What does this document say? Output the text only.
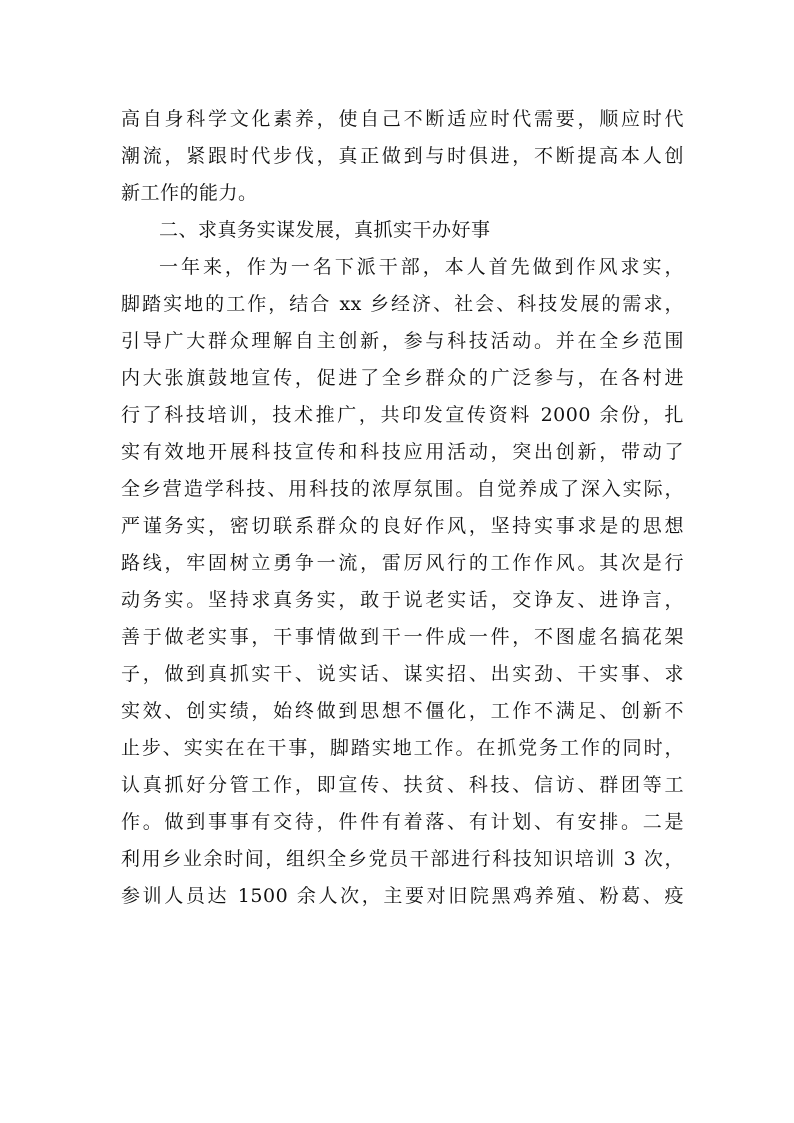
高自身科学文化素养，使自己不断适应时代需要，顺应时代
潮流，紧跟时代步伐，真正做到与时俱进，不断提高本人创
新工作的能力。
二、求真务实谋发展，真抓实干办好事
一年来，作为一名下派干部，本人首先做到作风求实，
脚踏实地的工作，结合 xx 乡经济、社会、科技发展的需求，
引导广大群众理解自主创新，参与科技活动。并在全乡范围
内大张旗鼓地宣传，促进了全乡群众的广泛参与，在各村进
行了科技培训，技术推广，共印发宣传资料 2000 余份，扎
实有效地开展科技宣传和科技应用活动，突出创新，带动了
全乡营造学科技、用科技的浓厚氛围。自觉养成了深入实际，
严谨务实，密切联系群众的良好作风，坚持实事求是的思想
路线，牢固树立勇争一流，雷厉风行的工作作风。其次是行
动务实。坚持求真务实，敢于说老实话，交诤友、进诤言，
善于做老实事，干事情做到干一件成一件，不图虚名搞花架
子，做到真抓实干、说实话、谋实招、出实劲、干实事、求
实效、创实绩，始终做到思想不僵化，工作不满足、创新不
止步、实实在在干事，脚踏实地工作。在抓党务工作的同时，
认真抓好分管工作，即宣传、扶贫、科技、信访、群团等工
作。做到事事有交待，件件有着落、有计划、有安排。二是
利用乡业余时间，组织全乡党员干部进行科技知识培训 3 次，
参训人员达 1500 余人次，主要对旧院黑鸡养殖、粉葛、疫
